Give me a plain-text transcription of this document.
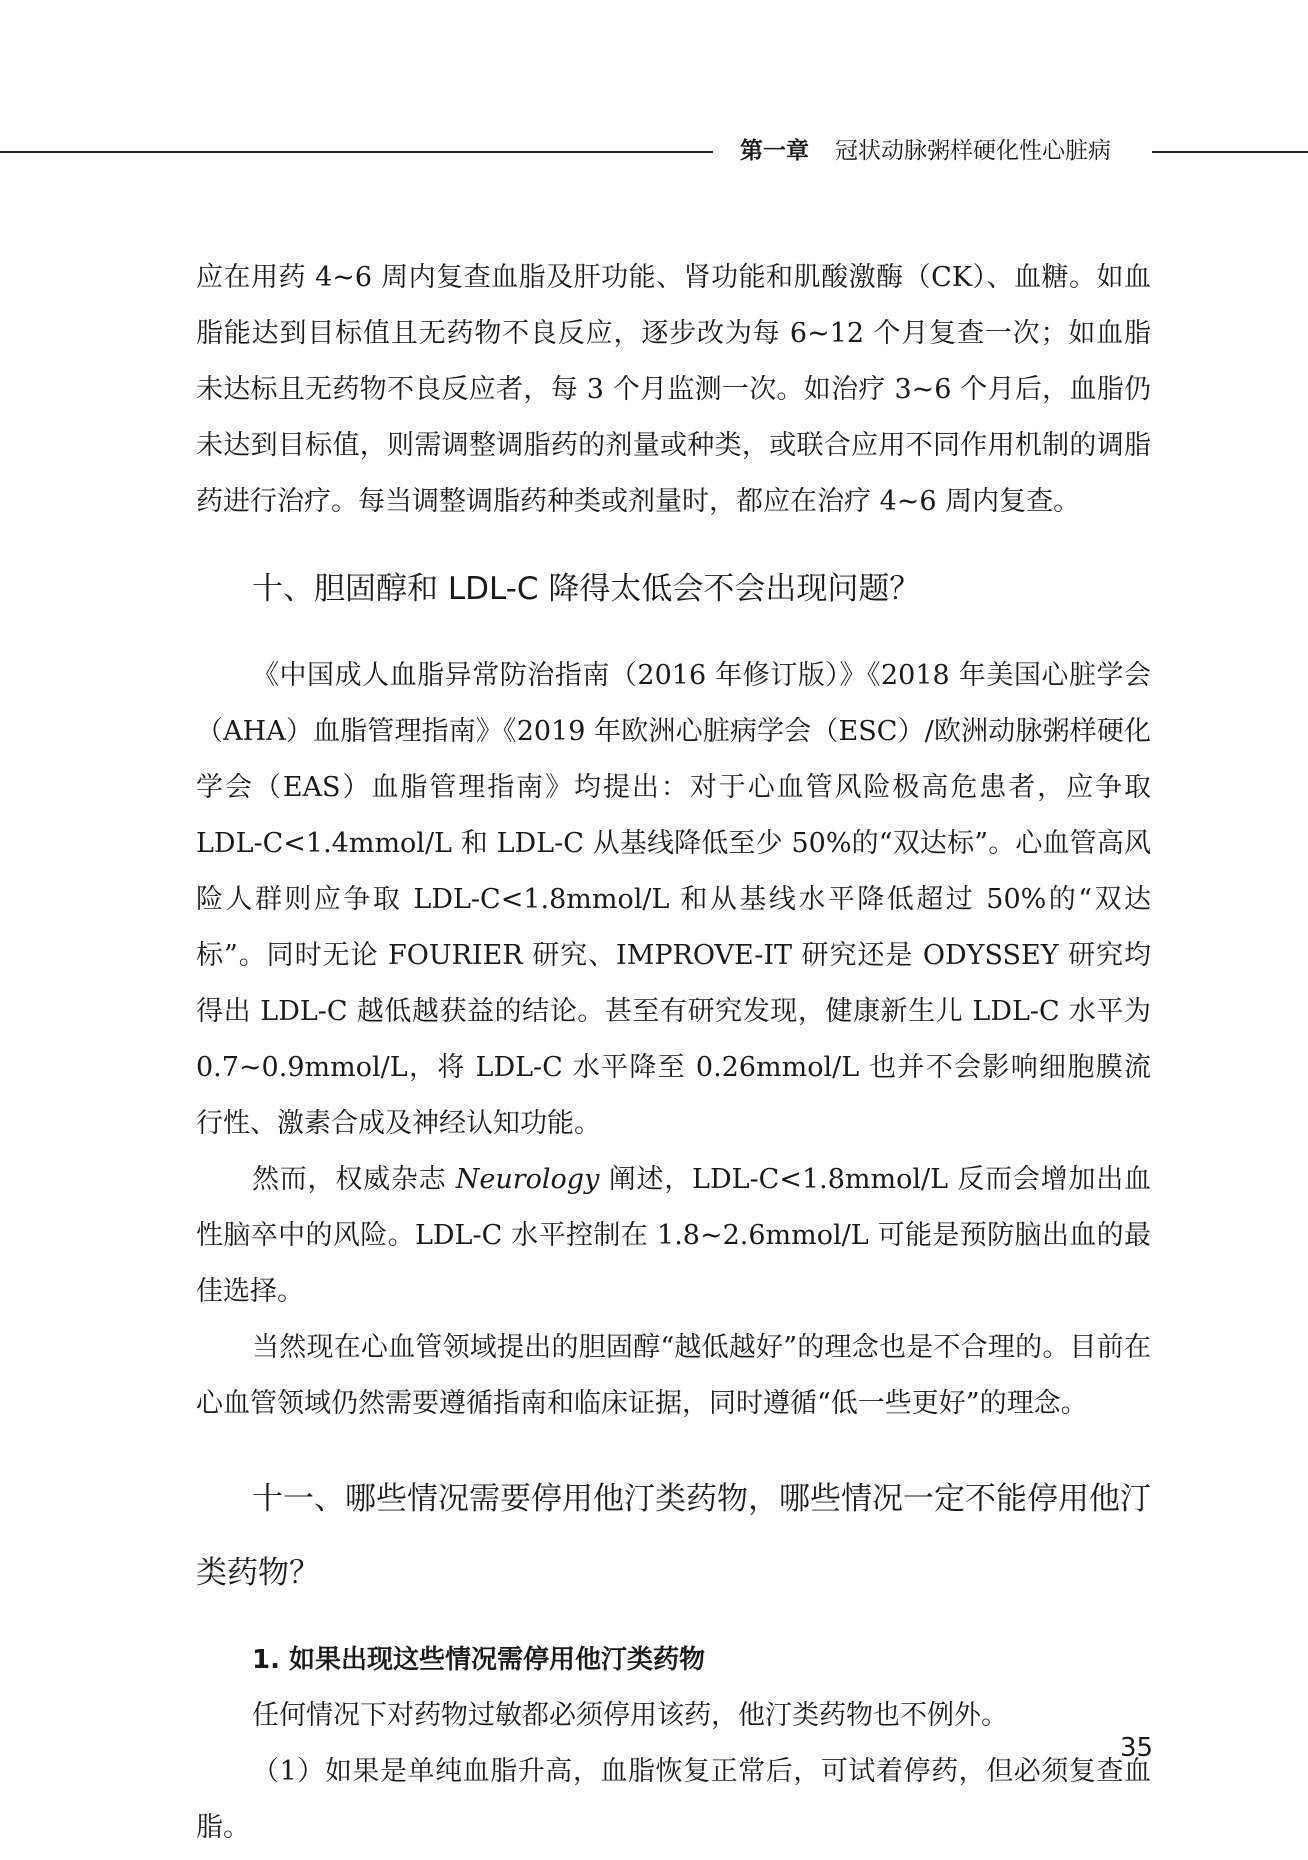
第一章 冠状动脉粥样硬化性心脏病

应在用药 4~6 周内复查血脂及肝功能、肾功能和肌酸激酶（CK）、血糖。如血脂能达到目标值且无药物不良反应，逐步改为每 6~12 个月复查一次；如血脂未达标且无药物不良反应者，每 3 个月监测一次。如治疗 3~6 个月后，血脂仍未达到目标值，则需调整调脂药的剂量或种类，或联合应用不同作用机制的调脂药进行治疗。每当调整调脂药种类或剂量时，都应在治疗 4~6 周内复查。

十、胆固醇和 LDL-C 降得太低会不会出现问题？

《中国成人血脂异常防治指南（2016 年修订版）》《2018 年美国心脏学会（AHA）血脂管理指南》《2019 年欧洲心脏病学会（ESC）/欧洲动脉粥样硬化学会（EAS）血脂管理指南》均提出：对于心血管风险极高危患者，应争取 LDL-C<1.4mmol/L 和 LDL-C 从基线降低至少 50%的“双达标”。心血管高风险人群则应争取 LDL-C<1.8mmol/L 和从基线水平降低超过 50%的“双达标”。同时无论 FOURIER 研究、IMPROVE-IT 研究还是 ODYSSEY 研究均得出 LDL-C 越低越获益的结论。甚至有研究发现，健康新生儿 LDL-C 水平为 0.7~0.9mmol/L，将 LDL-C 水平降至 0.26mmol/L 也并不会影响细胞膜流行性、激素合成及神经认知功能。

然而，权威杂志 Neurology 阐述，LDL-C<1.8mmol/L 反而会增加出血性脑卒中的风险。LDL-C 水平控制在 1.8~2.6mmol/L 可能是预防脑出血的最佳选择。

当然现在心血管领域提出的胆固醇“越低越好”的理念也是不合理的。目前在心血管领域仍然需要遵循指南和临床证据，同时遵循“低一些更好”的理念。

十一、哪些情况需要停用他汀类药物，哪些情况一定不能停用他汀类药物？
1. 如果出现这些情况需停用他汀类药物

任何情况下对药物过敏都必须停用该药，他汀类药物也不例外。

（1）如果是单纯血脂升高，血脂恢复正常后，可试着停药，但必须复查血脂。

35
